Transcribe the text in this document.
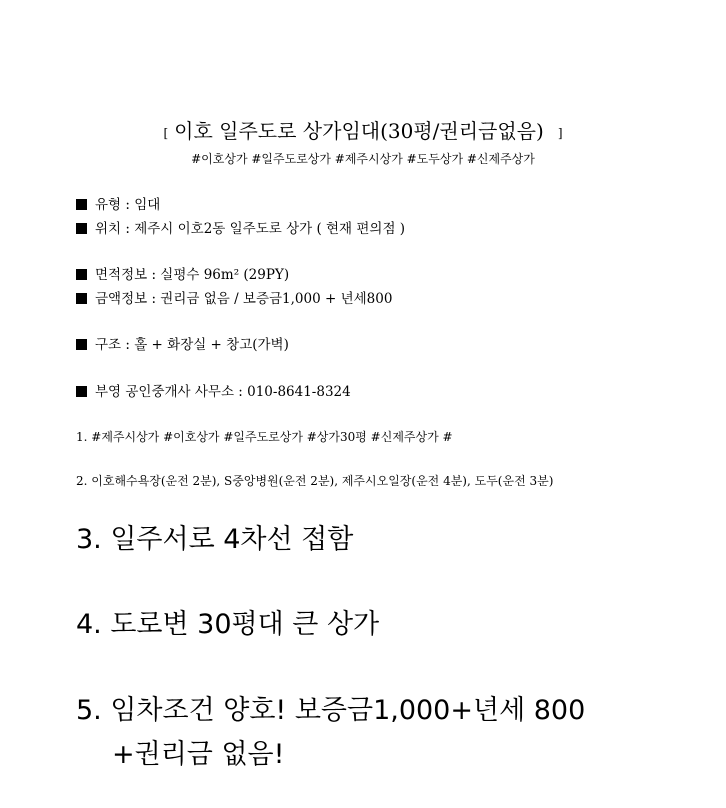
[ 이호 일주도로 상가임대(30평/권리금없음) ]
#이호상가 #일주도로상가 #제주시상가 #도두상가 #신제주상가
유형 : 임대
위치 : 제주시 이호2동 일주도로 상가 ( 현재 편의점 )
면적정보 : 실평수 96m² (29PY)
금액정보 : 권리금 없음 / 보증금1,000 + 년세800
구조 : 홀 + 화장실 + 창고(가벽)
부영 공인중개사 사무소 : 010-8641-8324
1. #제주시상가 #이호상가 #일주도로상가 #상가30평 #신제주상가 #
2. 이호해수욕장(운전 2분), S중앙병원(운전 2분), 제주시오일장(운전 4분), 도두(운전 3분)
3. 일주서로 4차선 접함
4. 도로변 30평대 큰 상가
5. 임차조건 양호! 보증금1,000+년세 800
+권리금 없음!
